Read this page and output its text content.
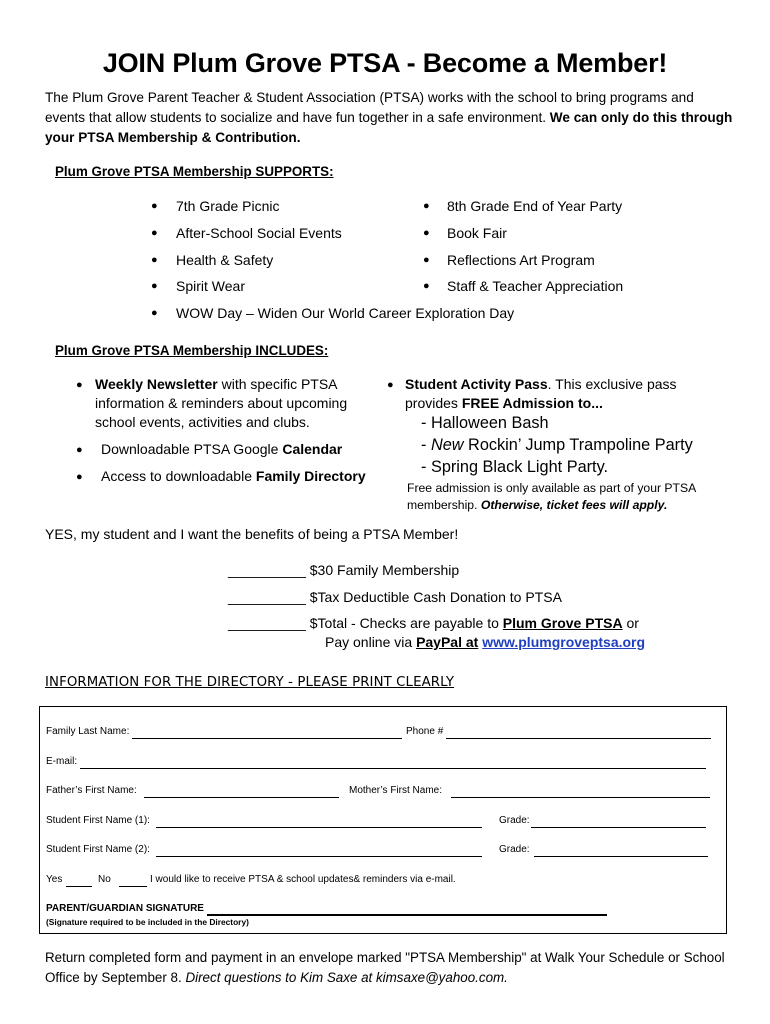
JOIN Plum Grove PTSA - Become a Member!
The Plum Grove Parent Teacher & Student Association (PTSA) works with the school to bring programs and events that allow students to socialize and have fun together in a safe environment. We can only do this through your PTSA Membership & Contribution.
Plum Grove PTSA Membership SUPPORTS:
● 7th Grade Picnic
● After-School Social Events
● Health & Safety
● Spirit Wear
● WOW Day – Widen Our World Career Exploration Day
● 8th Grade End of Year Party
● Book Fair
● Reflections Art Program
● Staff & Teacher Appreciation
Plum Grove PTSA Membership INCLUDES:
● Weekly Newsletter with specific PTSA
information & reminders about upcoming
school events, activities and clubs.
● Downloadable PTSA Google Calendar
● Access to downloadable Family Directory
● Student Activity Pass. This exclusive pass
provides FREE Admission to...
- Halloween Bash
- New Rockin’ Jump Trampoline Party
- Spring Black Light Party.
Free admission is only available as part of your PTSA
membership. Otherwise, ticket fees will apply.
YES, my student and I want the benefits of being a PTSA Member!
__________ $30 Family Membership
__________ $Tax Deductible Cash Donation to PTSA
__________ $Total - Checks are payable to Plum Grove PTSA or
Pay online via PayPal at www.plumgroveptsa.org
INFORMATION FOR THE DIRECTORY - PLEASE PRINT CLEARLY
Family Last Name:	Phone #
E-mail:
Father’s First Name:	Mother’s First Name:
Student First Name (1):	Grade:
Student First Name (2):	Grade:
Yes	No	I would like to receive PTSA & school updates& reminders via e-mail.
PARENT/GUARDIAN SIGNATURE
(Signature required to be included in the Directory)
Return completed form and payment in an envelope marked "PTSA Membership" at Walk Your Schedule or School Office by September 8. Direct questions to Kim Saxe at kimsaxe@yahoo.com.
